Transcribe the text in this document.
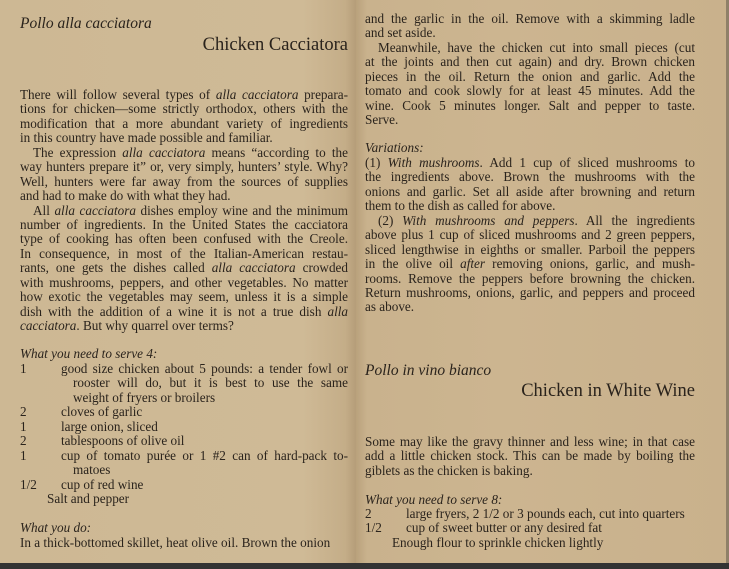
Pollo alla cacciatora
Chicken Cacciatora
There will follow several types of alla cacciatora prepara-
tions for chicken—some strictly orthodox, others with the
modification that a more abundant variety of ingredients
in this country have made possible and familiar.
The expression alla cacciatora means “according to the
way hunters prepare it” or, very simply, hunters’ style. Why?
Well, hunters were far away from the sources of supplies
and had to make do with what they had.
All alla cacciatora dishes employ wine and the minimum
number of ingredients. In the United States the cacciatora
type of cooking has often been confused with the Creole.
In consequence, in most of the Italian-American restau-
rants, one gets the dishes called alla cacciatora crowded
with mushrooms, peppers, and other vegetables. No matter
how exotic the vegetables may seem, unless it is a simple
dish with the addition of a wine it is not a true dish alla
cacciatora. But why quarrel over terms?
What you need to serve 4:
1	good size chicken about 5 pounds: a tender fowl or
rooster will do, but it is best to use the same
weight of fryers or broilers
2	cloves of garlic
1	large onion, sliced
2	tablespoons of olive oil
1	cup of tomato purée or 1 #2 can of hard-pack to-
matoes
1/2	cup of red wine
Salt and pepper
What you do:
In a thick-bottomed skillet, heat olive oil. Brown the onion
and the garlic in the oil. Remove with a skimming ladle
and set aside.
Meanwhile, have the chicken cut into small pieces (cut
at the joints and then cut again) and dry. Brown chicken
pieces in the oil. Return the onion and garlic. Add the
tomato and cook slowly for at least 45 minutes. Add the
wine. Cook 5 minutes longer. Salt and pepper to taste.
Serve.
Variations:
(1) With mushrooms. Add 1 cup of sliced mushrooms to
the ingredients above. Brown the mushrooms with the
onions and garlic. Set all aside after browning and return
them to the dish as called for above.
(2) With mushrooms and peppers. All the ingredients
above plus 1 cup of sliced mushrooms and 2 green peppers,
sliced lengthwise in eighths or smaller. Parboil the peppers
in the olive oil after removing onions, garlic, and mush-
rooms. Remove the peppers before browning the chicken.
Return mushrooms, onions, garlic, and peppers and proceed
as above.
Pollo in vino bianco
Chicken in White Wine
Some may like the gravy thinner and less wine; in that case
add a little chicken stock. This can be made by boiling the
giblets as the chicken is baking.
What you need to serve 8:
2	large fryers, 2 1/2 or 3 pounds each, cut into quarters
1/2	cup of sweet butter or any desired fat
Enough flour to sprinkle chicken lightly
